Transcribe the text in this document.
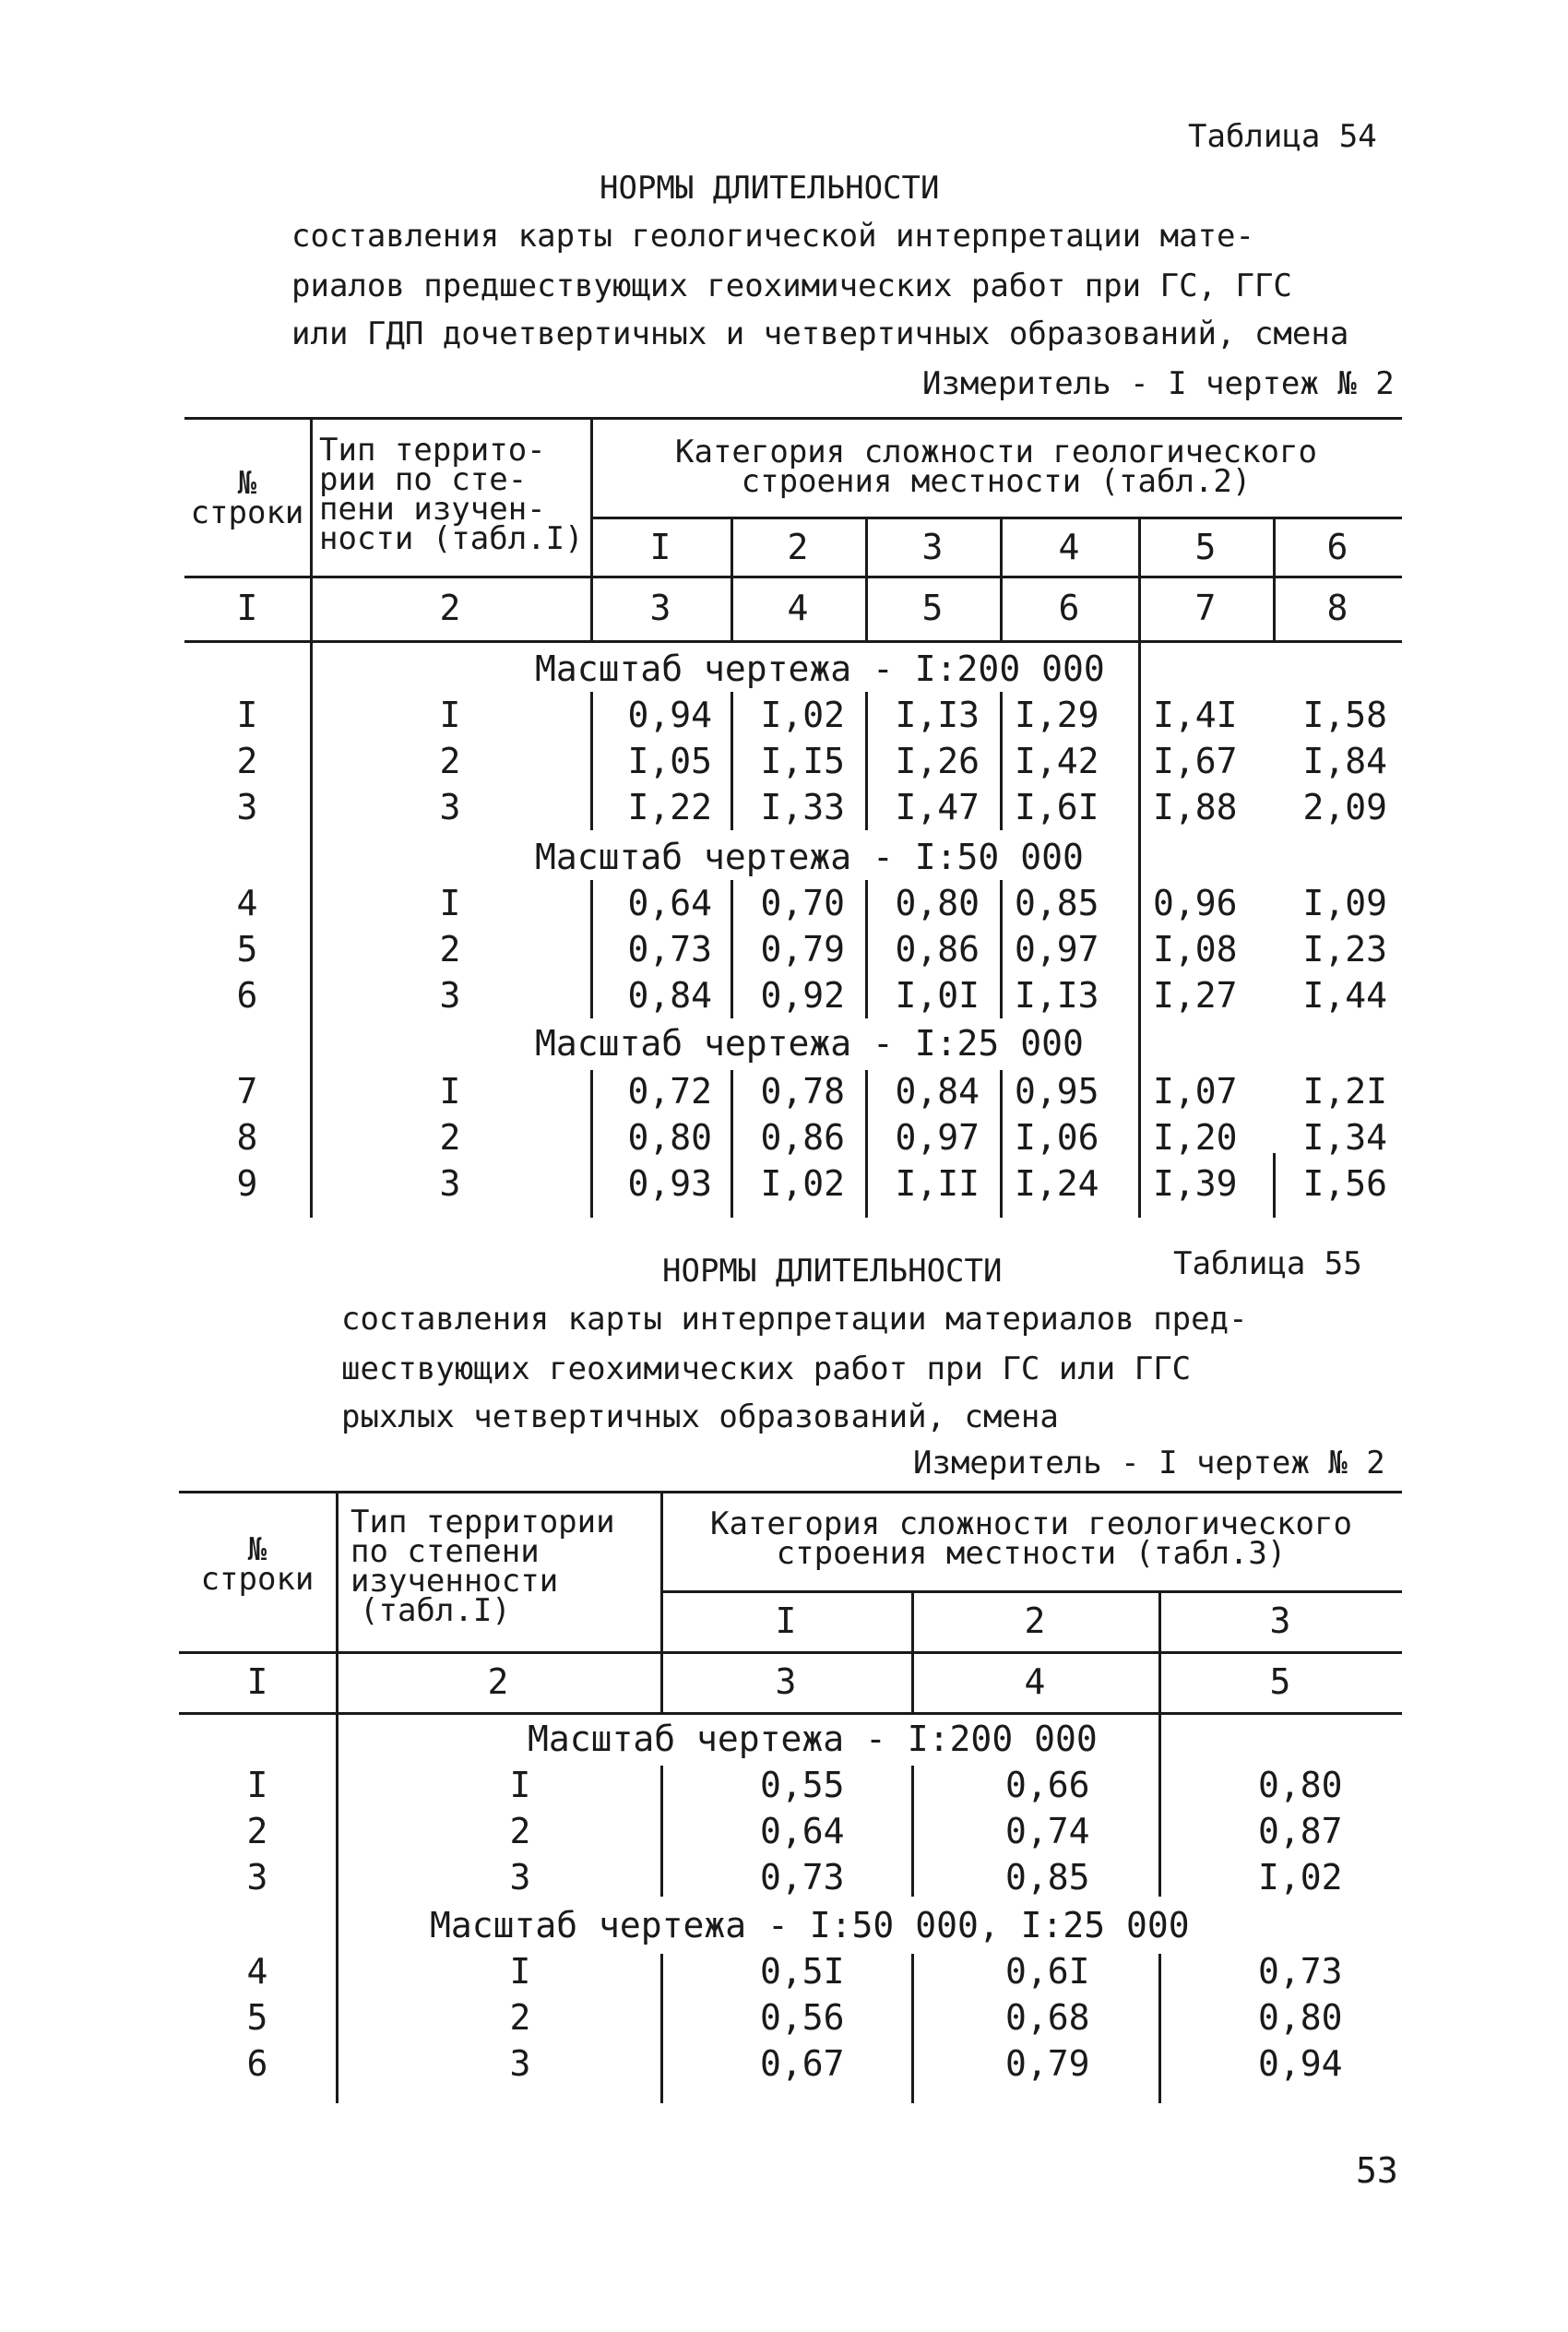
Таблица 54
НОРМЫ ДЛИТЕЛЬНОСТИ
составления карты геологической интерпретации мате-
риалов предшествующих геохимических работ при ГС, ГГС
или ГДП дочетвертичных и четвертичных образований, смена
Измеритель - I чертеж № 2
№
строки
Тип террито-
рии по сте-
пени изучен-
ности (табл.I)
Категория сложности геологического
строения местности (табл.2)
I	2	3	4	5	6
I	2	3	4	5	6	7	8
Масштаб чертежа - I:200 000
I	I	0,94	I,02	I,I3 I,29 I,4I	I,58
2	2	I,05	I,I5	I,26 I,42 I,67	I,84
3	3	I,22	I,33	I,47 I,6I I,88	2,09
Масштаб чертежа - I:50 000
4	I	0,64	0,70	0,80 0,85 0,96	I,09
5	2	0,73	0,79	0,86 0,97 I,08	I,23
6	3	0,84	0,92	I,0I I,I3 I,27	I,44
Масштаб чертежа - I:25 000
7	I	0,72	0,78	0,84 0,95 I,07	I,2I
8	2	0,80	0,86	0,97 I,06 I,20	I,34
9	3	0,93	I,02	I,II I,24 I,39	I,56
НОРМЫ ДЛИТЕЛЬНОСТИ	Таблица 55
составления карты интерпретации материалов пред-
шествующих геохимических работ при ГС или ГГС
рыхлых четвертичных образований, смена
Измеритель - I чертеж № 2
№
строки
Тип территории
по степени
изученности
(табл.I)
Категория сложности геологического
строения местности (табл.3)
I	2	3
I	2	3	4	5
Масштаб чертежа - I:200 000
I	I	0,55	0,66	0,80
2	2	0,64	0,74	0,87
3	3	0,73	0,85	I,02
Масштаб чертежа - I:50 000, I:25 000
4	I	0,5I	0,6I	0,73
5	2	0,56	0,68	0,80
6	3	0,67	0,79	0,94
53
